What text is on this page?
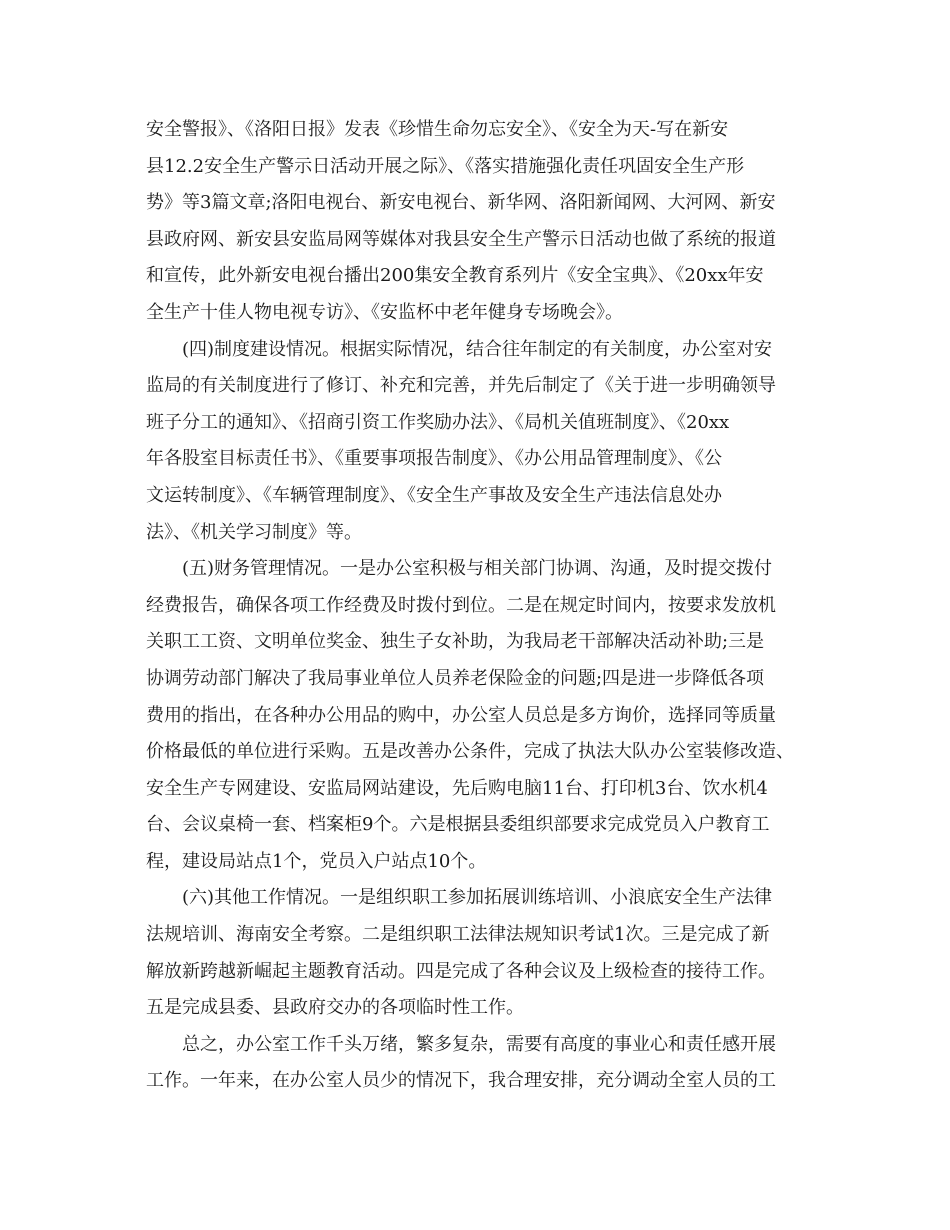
安全警报》、《洛阳日报》发表《珍惜生命勿忘安全》、《安全为天-写在新安
县12.2安全生产警示日活动开展之际》、《落实措施强化责任巩固安全生产形
势》等3篇文章;洛阳电视台、新安电视台、新华网、洛阳新闻网、大河网、新安
县政府网、新安县安监局网等媒体对我县安全生产警示日活动也做了系统的报道
和宣传，此外新安电视台播出200集安全教育系列片《安全宝典》、《20xx年安
全生产十佳人物电视专访》、《安监杯中老年健身专场晚会》。
(四)制度建设情况。根据实际情况，结合往年制定的有关制度，办公室对安
监局的有关制度进行了修订、补充和完善，并先后制定了《关于进一步明确领导
班子分工的通知》、《招商引资工作奖励办法》、《局机关值班制度》、《20xx
年各股室目标责任书》、《重要事项报告制度》、《办公用品管理制度》、《公
文运转制度》、《车辆管理制度》、《安全生产事故及安全生产违法信息处办
法》、《机关学习制度》等。
(五)财务管理情况。一是办公室积极与相关部门协调、沟通，及时提交拨付
经费报告，确保各项工作经费及时拨付到位。二是在规定时间内，按要求发放机
关职工工资、文明单位奖金、独生子女补助，为我局老干部解决活动补助;三是
协调劳动部门解决了我局事业单位人员养老保险金的问题;四是进一步降低各项
费用的指出，在各种办公用品的购中，办公室人员总是多方询价，选择同等质量
价格最低的单位进行采购。五是改善办公条件，完成了执法大队办公室装修改造、
安全生产专网建设、安监局网站建设，先后购电脑11台、打印机3台、饮水机4
台、会议桌椅一套、档案柜9个。六是根据县委组织部要求完成党员入户教育工
程，建设局站点1个，党员入户站点10个。
(六)其他工作情况。一是组织职工参加拓展训练培训、小浪底安全生产法律
法规培训、海南安全考察。二是组织职工法律法规知识考试1次。三是完成了新
解放新跨越新崛起主题教育活动。四是完成了各种会议及上级检查的接待工作。
五是完成县委、县政府交办的各项临时性工作。
总之，办公室工作千头万绪，繁多复杂，需要有高度的事业心和责任感开展
工作。一年来，在办公室人员少的情况下，我合理安排，充分调动全室人员的工
